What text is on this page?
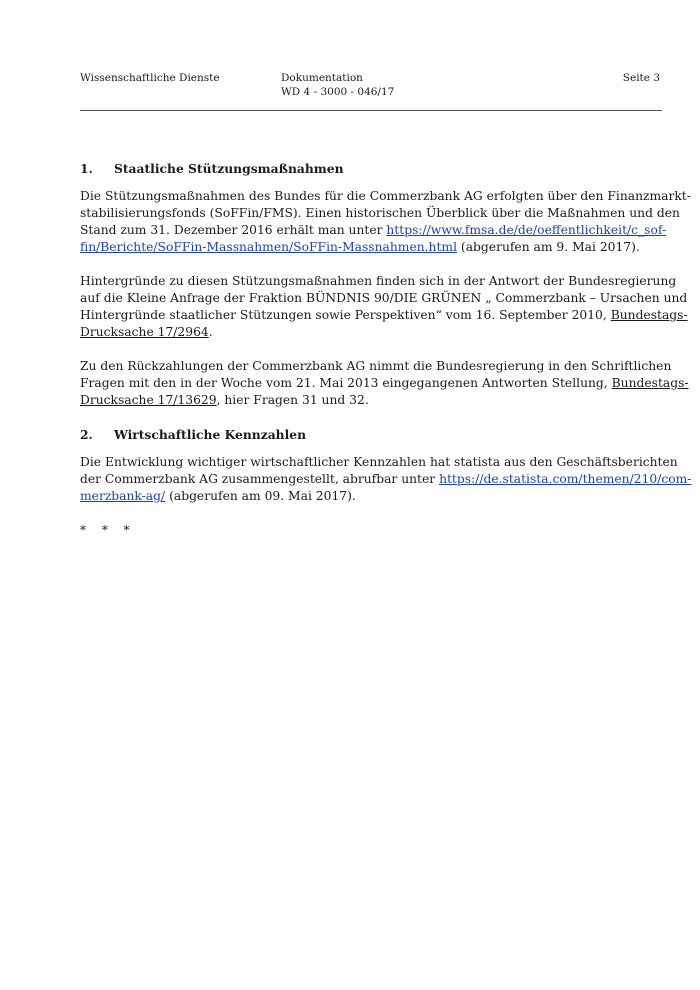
Wissenschaftliche Dienste	Dokumentation
WD 4 - 3000 - 046/17
Seite 3
1.	Staatliche Stützungsmaßnahmen

Die Stützungsmaßnahmen des Bundes für die Commerzbank AG erfolgten über den Finanzmarkt-
stabilisierungsfonds (SoFFin/FMS). Einen historischen Überblick über die Maßnahmen und den
Stand zum 31. Dezember 2016 erhält man unter https://www.fmsa.de/de/oeffentlichkeit/c_sof-
fin/Berichte/SoFFin-Massnahmen/SoFFin-Massnahmen.html (abgerufen am 9. Mai 2017).

Hintergründe zu diesen Stützungsmaßnahmen finden sich in der Antwort der Bundesregierung
auf die Kleine Anfrage der Fraktion BÜNDNIS 90/DIE GRÜNEN „ Commerzbank – Ursachen und
Hintergründe staatlicher Stützungen sowie Perspektiven“ vom 16. September 2010, Bundestags-
Drucksache 17/2964.

Zu den Rückzahlungen der Commerzbank AG nimmt die Bundesregierung in den Schriftlichen
Fragen mit den in der Woche vom 21. Mai 2013 eingegangenen Antworten Stellung, Bundestags-
Drucksache 17/13629, hier Fragen 31 und 32.

2.	Wirtschaftliche Kennzahlen

Die Entwicklung wichtiger wirtschaftlicher Kennzahlen hat statista aus den Geschäftsberichten
der Commerzbank AG zusammengestellt, abrufbar unter https://de.statista.com/themen/210/com-
merzbank-ag/ (abgerufen am 09. Mai 2017).

* * *
